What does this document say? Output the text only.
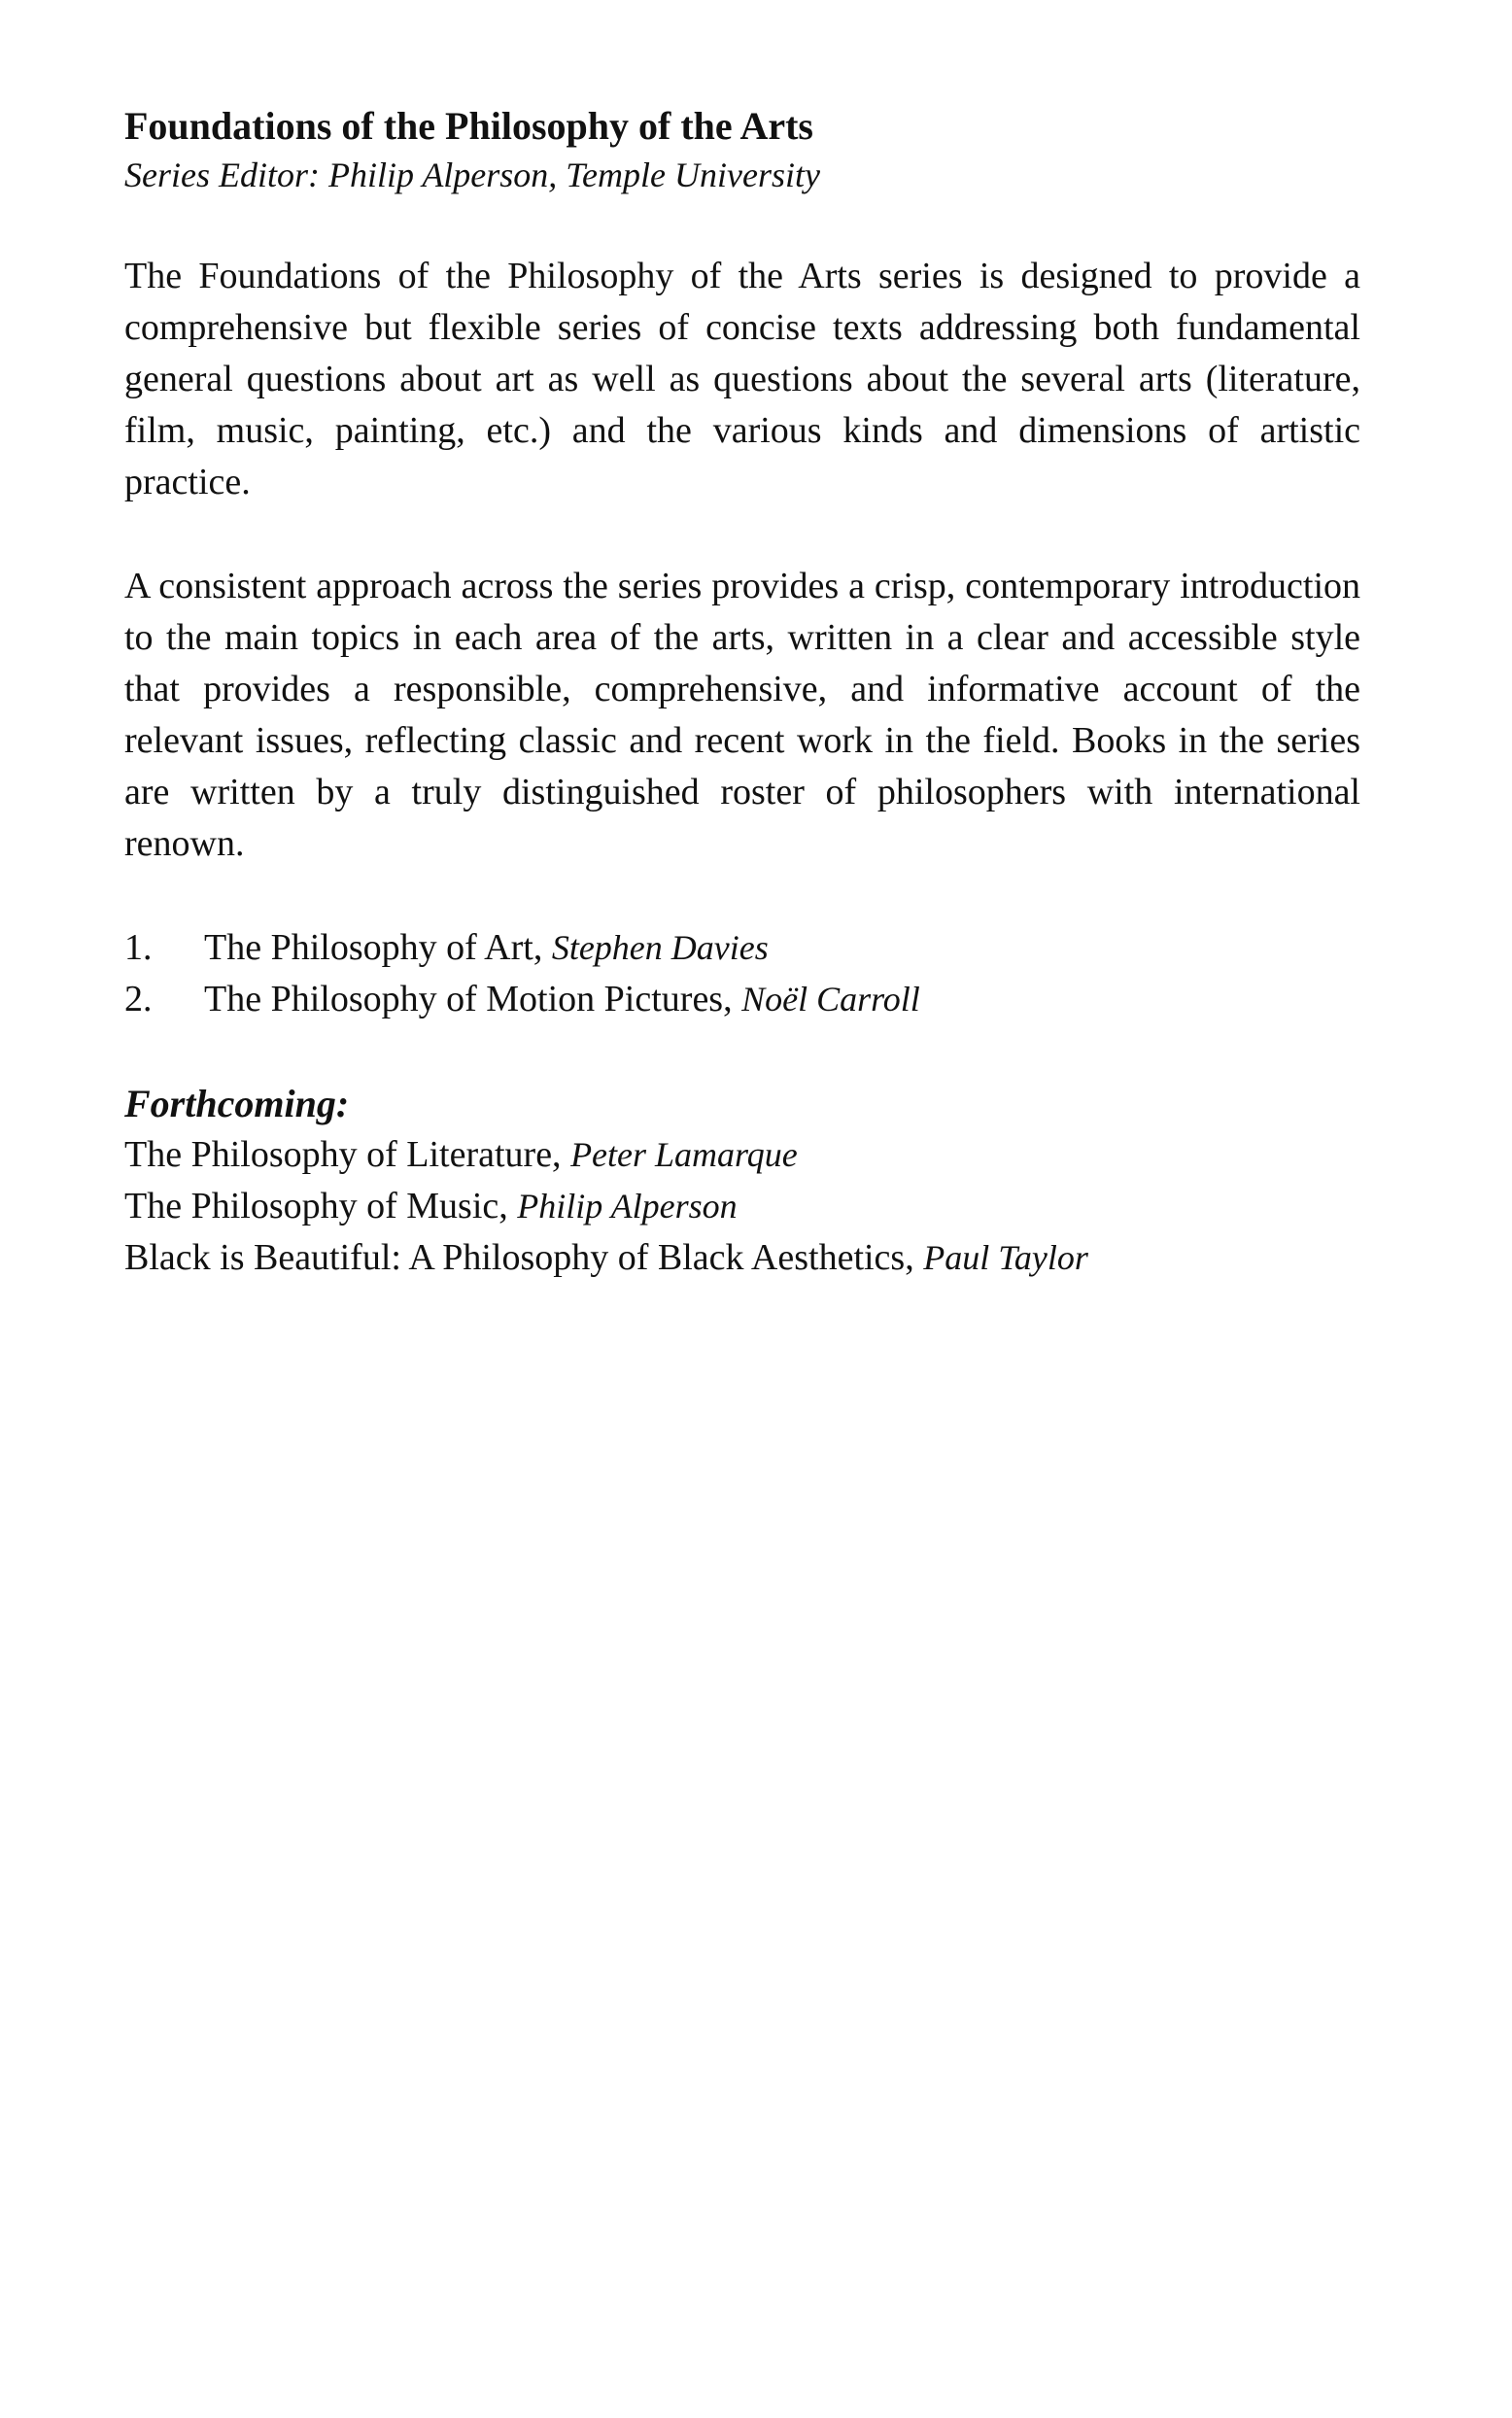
Foundations of the Philosophy of the Arts

Series Editor: Philip Alperson, Temple University

The Foundations of the Philosophy of the Arts series is designed to provide a comprehensive but flexible series of concise texts addressing both fundamental general questions about art as well as questions about the several arts (literature, film, music, painting, etc.) and the various kinds and dimensions of artistic practice.

A consistent approach across the series provides a crisp, contemporary introduction to the main topics in each area of the arts, written in a clear and accessible style that provides a responsible, comprehensive, and informative account of the relevant issues, reflecting classic and recent work in the field. Books in the series are written by a truly distinguished roster of philosophers with international renown.

1.	The Philosophy of Art, Stephen Davies
2.	The Philosophy of Motion Pictures, Noël Carroll

Forthcoming:

The Philosophy of Literature, Peter Lamarque
The Philosophy of Music, Philip Alperson
Black is Beautiful: A Philosophy of Black Aesthetics, Paul Taylor
